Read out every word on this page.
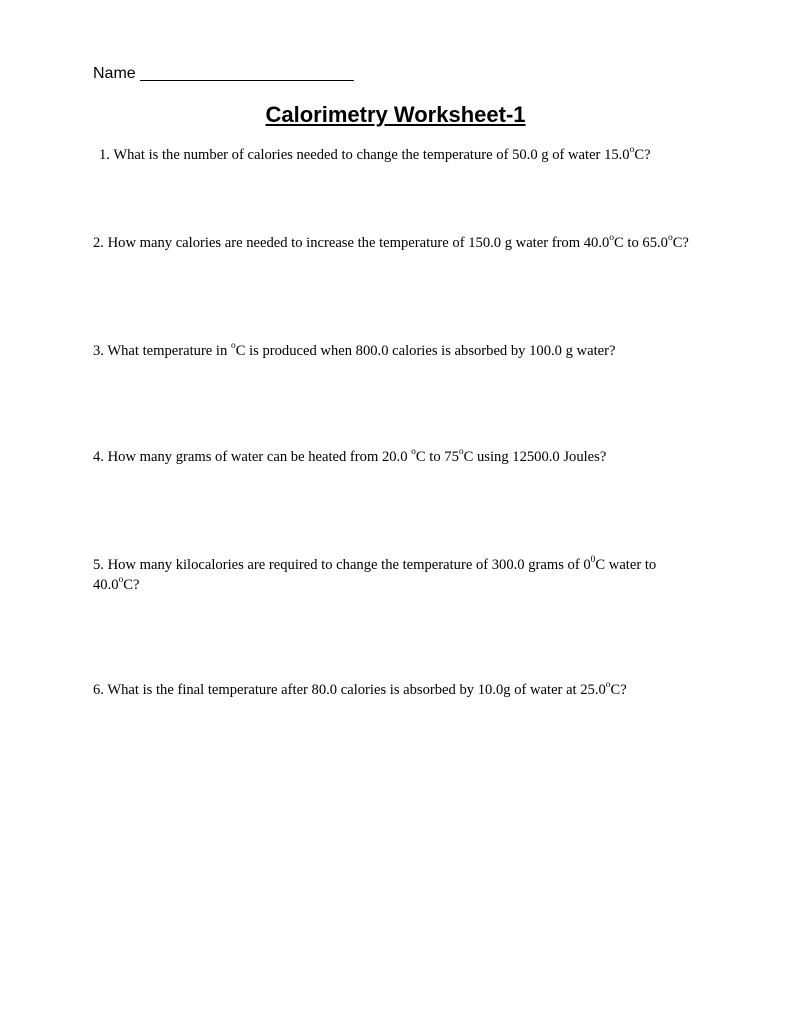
Name ________________________
Calorimetry Worksheet-1
1. What is the number of calories needed to change the temperature of 50.0 g of water 15.0$^o$C?
2. How many calories are needed to increase the temperature of 150.0 g water from 40.0$^o$C to 65.0$^o$C?
3. What temperature in $^o$C is produced when 800.0 calories is absorbed by 100.0 g water?
4. How many grams of water can be heated from 20.0 $^o$C to 75$^o$C using 12500.0 Joules?
5. How many kilocalories are required to change the temperature of 300.0 grams of $0^0C$ water to 40.0$^o$C?
6. What is the final temperature after 80.0 calories is absorbed by 10.0g of water at 25.0$^o$C?
